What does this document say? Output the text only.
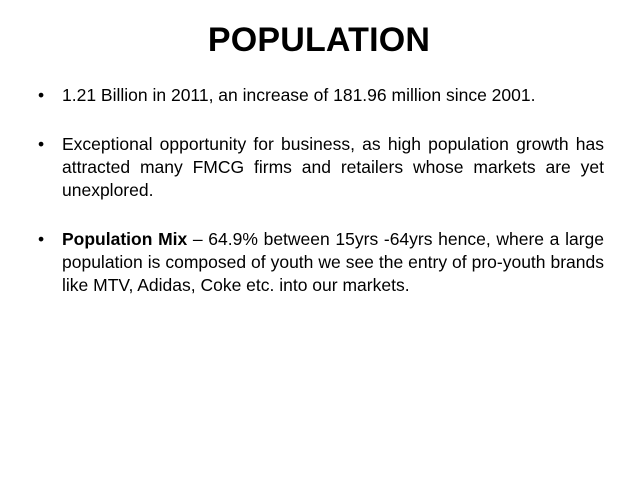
POPULATION
• 1.21 Billion in 2011, an increase of 181.96 million since 2001.
• Exceptional opportunity for business, as high population growth has attracted many FMCG firms and retailers whose markets are yet unexplored.
• Population Mix – 64.9% between 15yrs -64yrs hence, where a large population is composed of youth we see the entry of pro-youth brands like MTV, Adidas, Coke etc. into our markets.
